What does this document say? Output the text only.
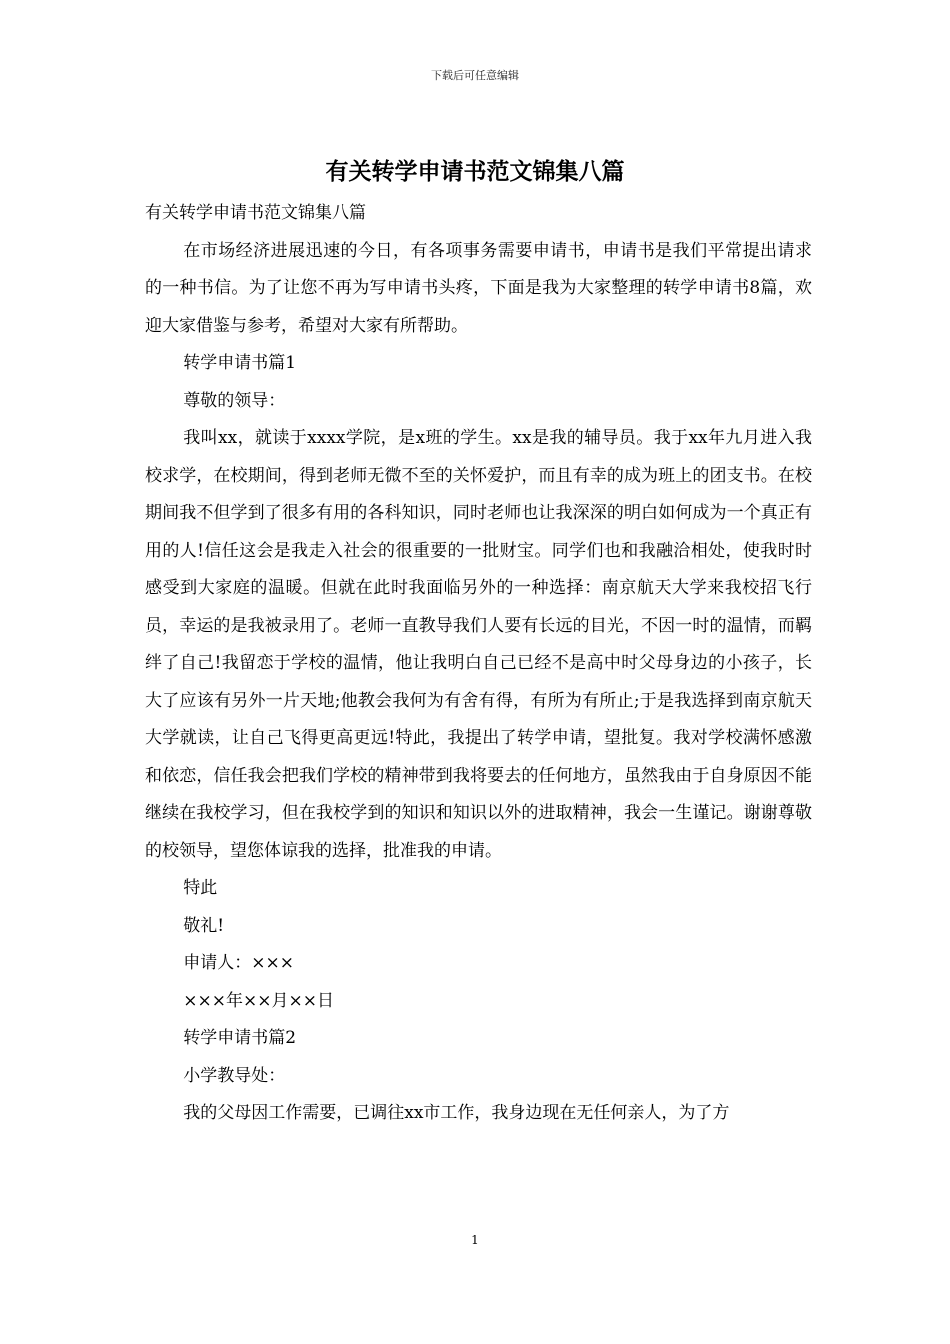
下载后可任意编辑
有关转学申请书范文锦集八篇

有关转学申请书范文锦集八篇

在市场经济进展迅速的今日，有各项事务需要申请书，申请书是我们平常提出请求的一种书信。为了让您不再为写申请书头疼，下面是我为大家整理的转学申请书8篇，欢迎大家借鉴与参考，希望对大家有所帮助。

转学申请书篇1

尊敬的领导：

我叫xx，就读于xxxx学院，是x班的学生。xx是我的辅导员。我于xx年九月进入我校求学，在校期间，得到老师无微不至的关怀爱护，而且有幸的成为班上的团支书。在校期间我不但学到了很多有用的各科知识，同时老师也让我深深的明白如何成为一个真正有用的人!信任这会是我走入社会的很重要的一批财宝。同学们也和我融洽相处，使我时时感受到大家庭的温暖。但就在此时我面临另外的一种选择：南京航天大学来我校招飞行员，幸运的是我被录用了。老师一直教导我们人要有长远的目光，不因一时的温情，而羁绊了自己!我留恋于学校的温情，他让我明白自己已经不是高中时父母身边的小孩子，长大了应该有另外一片天地;他教会我何为有舍有得，有所为有所止;于是我选择到南京航天大学就读，让自己飞得更高更远!特此，我提出了转学申请，望批复。我对学校满怀感激和依恋，信任我会把我们学校的精神带到我将要去的任何地方，虽然我由于自身原因不能继续在我校学习，但在我校学到的知识和知识以外的进取精神，我会一生谨记。谢谢尊敬的校领导，望您体谅我的选择，批准我的申请。

特此

敬礼!

申请人：×××

×××年××月××日

转学申请书篇2

小学教导处：

我的父母因工作需要，已调往xx市工作，我身边现在无任何亲人，为了方

1
